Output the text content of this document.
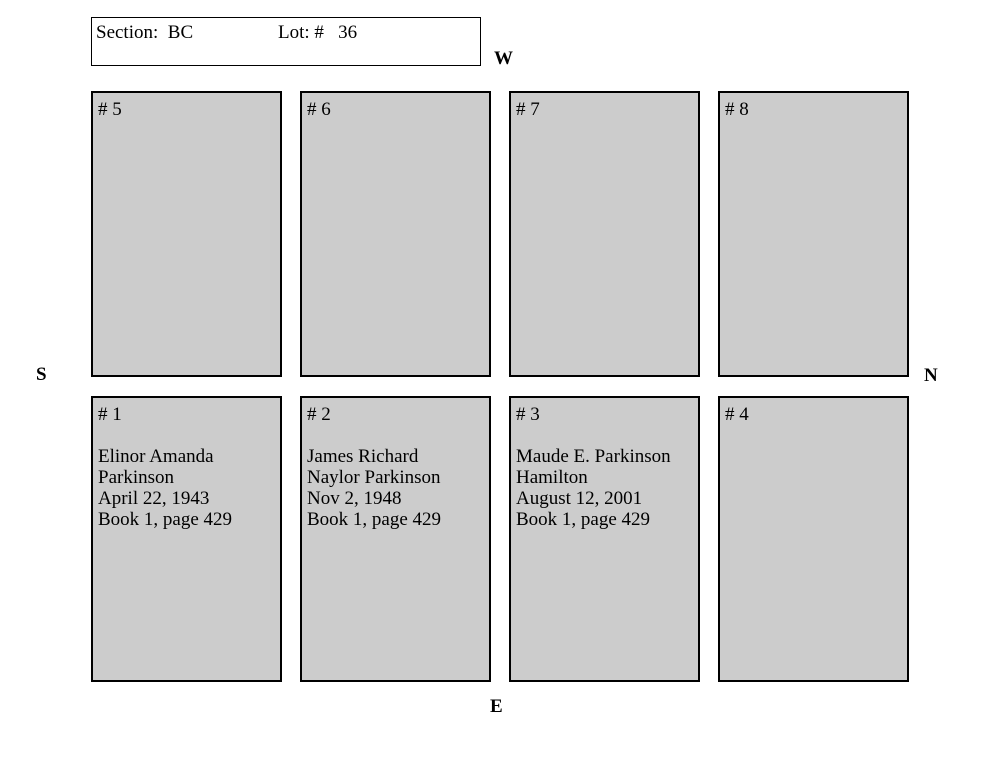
Section:  BC	Lot: #   36
W
S	N
E
# 5	# 6	# 7	# 8
# 1
Elinor Amanda
Parkinson
April 22, 1943
Book 1, page 429
# 2
James Richard
Naylor Parkinson
Nov 2, 1948
Book 1, page 429
# 3
Maude E. Parkinson
Hamilton
August 12, 2001
Book 1, page 429
# 4
